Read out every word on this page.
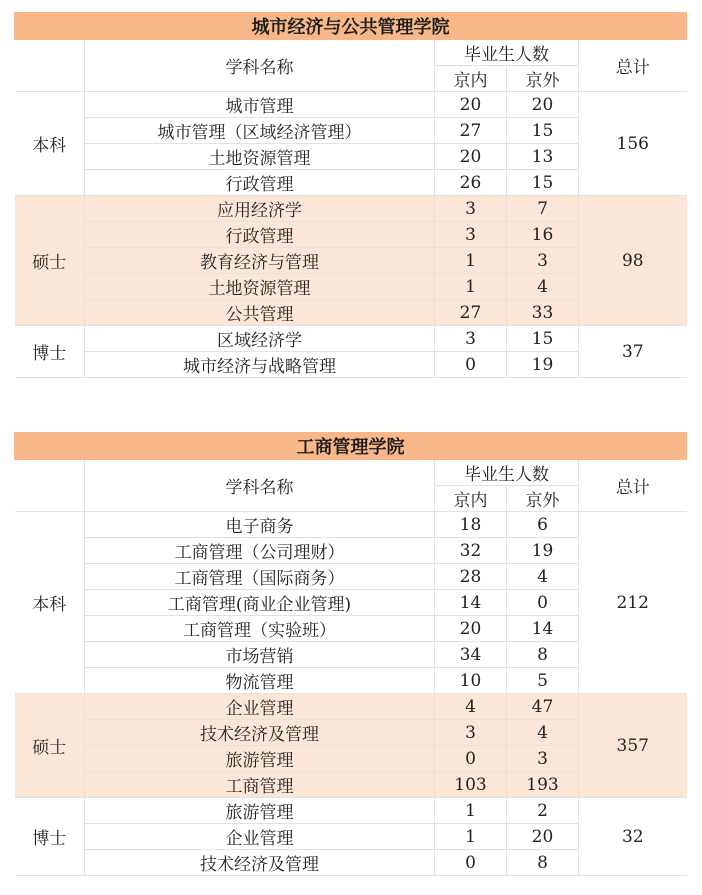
城市经济与公共管理学院				
	学科名称	毕业生人数		总计
		京内	京外	
本科	城市管理	20	20	156
	城市管理（区域经济管理）	27	15	
	土地资源管理	20	13	
	行政管理	26	15	
硕士	应用经济学	3	7	98
	行政管理	3	16	
	教育经济与管理	1	3	
	土地资源管理	1	4	
	公共管理	27	33	
博士	区域经济学	3	15	37
	城市经济与战略管理	0	19	
工商管理学院				
	学科名称	毕业生人数		总计
		京内	京外	
本科	电子商务	18	6	212
	工商管理（公司理财）	32	19	
	工商管理（国际商务）	28	4	
	工商管理(商业企业管理)	14	0	
	工商管理（实验班）	20	14	
	市场营销	34	8	
	物流管理	10	5	
硕士	企业管理	4	47	357
	技术经济及管理	3	4	
	旅游管理	0	3	
	工商管理	103	193	
博士	旅游管理	1	2	32
	企业管理	1	20	
	技术经济及管理	0	8	
